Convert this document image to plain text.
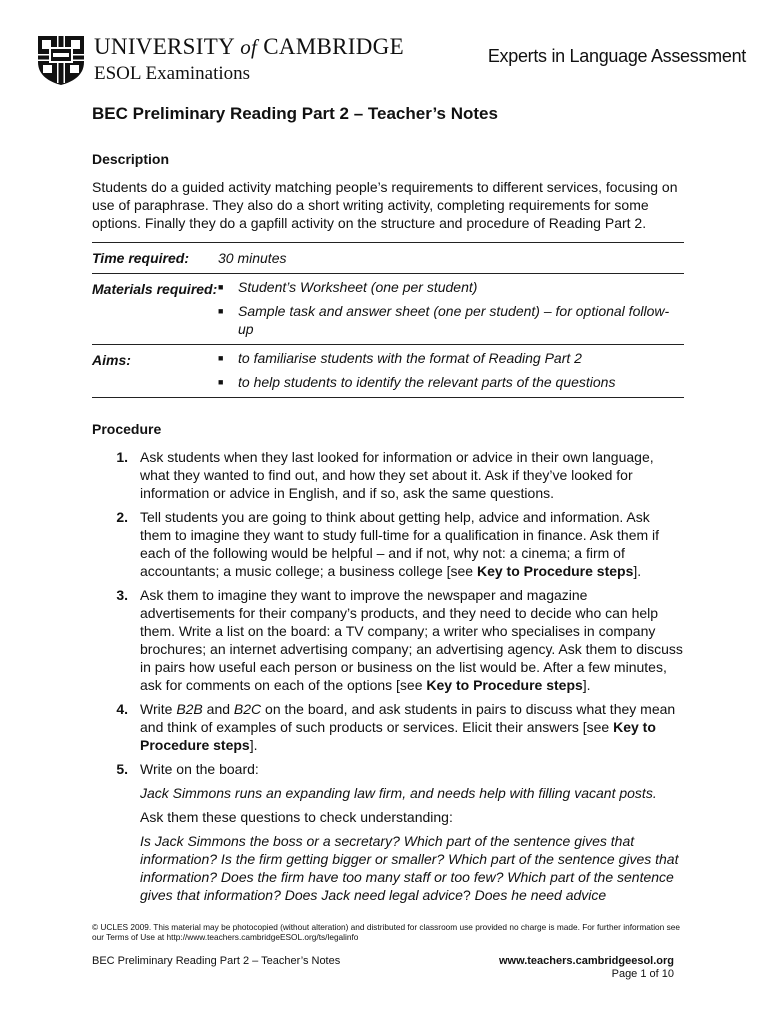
UNIVERSITY of CAMBRIDGE
ESOL Examinations
Experts in Language Assessment
BEC Preliminary Reading Part 2 – Teacher’s Notes

Description

Students do a guided activity matching people’s requirements to different services, focusing on use of paraphrase. They also do a short writing activity, completing requirements for some options. Finally they do a gapfill activity on the structure and procedure of Reading Part 2.

Time required:	30 minutes
Materials required: ■	Student’s Worksheet (one per student)
■	Sample task and answer sheet (one per student) – for optional follow-up
Aims:	■	to familiarise students with the format of Reading Part 2
■	to help students to identify the relevant parts of the questions

Procedure

1. Ask students when they last looked for information or advice in their own language, what they wanted to find out, and how they set about it. Ask if they’ve looked for information or advice in English, and if so, ask the same questions.
2. Tell students you are going to think about getting help, advice and information. Ask them to imagine they want to study full-time for a qualification in finance. Ask them if each of the following would be helpful – and if not, why not: a cinema; a firm of accountants; a music college; a business college [see Key to Procedure steps].
3. Ask them to imagine they want to improve the newspaper and magazine advertisements for their company’s products, and they need to decide who can help them. Write a list on the board: a TV company; a writer who specialises in company brochures; an internet advertising company; an advertising agency. Ask them to discuss in pairs how useful each person or business on the list would be. After a few minutes, ask for comments on each of the options [see Key to Procedure steps].
4. Write B2B and B2C on the board, and ask students in pairs to discuss what they mean and think of examples of such products or services. Elicit their answers [see Key to Procedure steps].
5. Write on the board:
Jack Simmons runs an expanding law firm, and needs help with filling vacant posts.
Ask them these questions to check understanding:
Is Jack Simmons the boss or a secretary? Which part of the sentence gives that information? Is the firm getting bigger or smaller? Which part of the sentence gives that information? Does the firm have too many staff or too few? Which part of the sentence gives that information? Does Jack need legal advice? Does he need advice
© UCLES 2009. This material may be photocopied (without alteration) and distributed for classroom use provided no charge is made. For further information see our Terms of Use at http://www.teachers.cambridgeESOL.org/ts/legalinfo
BEC Preliminary Reading Part 2 – Teacher’s Notes	www.teachers.cambridgeesol.org
Page 1 of 10
